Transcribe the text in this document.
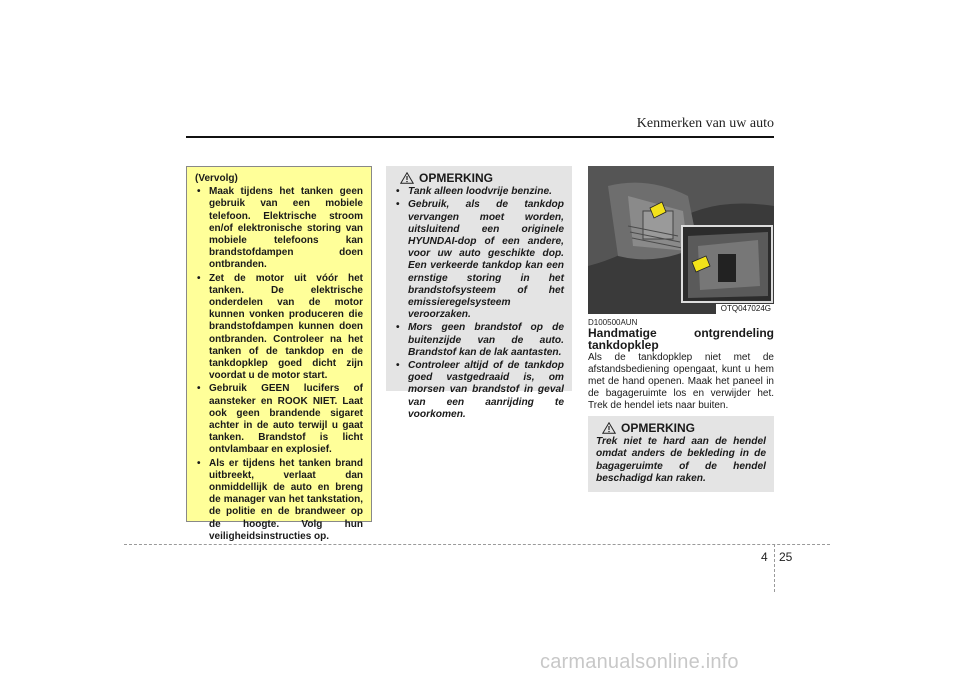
Kenmerken van uw auto
(Vervolg)
• Maak tijdens het tanken geen gebruik van een mobiele telefoon. Elektrische stroom en/of elektronische storing van mobiele telefoons kan brandstofdampen doen ontbranden.
• Zet de motor uit vóór het tanken. De elektrische onderdelen van de motor kunnen vonken produceren die brandstofdampen kunnen doen ontbranden. Controleer na het tanken of de tankdop en de tankdopklep goed dicht zijn voordat u de motor start.
• Gebruik GEEN lucifers of aansteker en ROOK NIET. Laat ook geen brandende sigaret achter in de auto terwijl u gaat tanken. Brandstof is licht ontvlambaar en explosief.
• Als er tijdens het tanken brand uitbreekt, verlaat dan onmiddellijk de auto en breng de manager van het tankstation, de politie en de brandweer op de hoogte. Volg hun veiligheidsinstructies op.
OPMERKING
• Tank alleen loodvrije benzine.
• Gebruik, als de tankdop vervangen moet worden, uitsluitend een originele HYUNDAI-dop of een andere, voor uw auto geschikte dop. Een verkeerde tankdop kan een ernstige storing in het brandstofsysteem of het emissieregelsysteem veroorzaken.
• Mors geen brandstof op de buitenzijde van de auto. Brandstof kan de lak aantasten.
• Controleer altijd of de tankdop goed vastgedraaid is, om morsen van brandstof in geval van een aanrijding te voorkomen.
OTQ047024G
D100500AUN
Handmatige	ontgrendeling
tankdopklep

Als de tankdopklep niet met de afstandsbediening opengaat, kunt u hem met de hand openen. Maak het paneel in de bagageruimte los en verwijder het. Trek de hendel iets naar buiten.

OPMERKING

Trek niet te hard aan de hendel omdat anders de bekleding in de bagageruimte of de hendel beschadigd kan raken.

4 25
carmanualsonline.info
